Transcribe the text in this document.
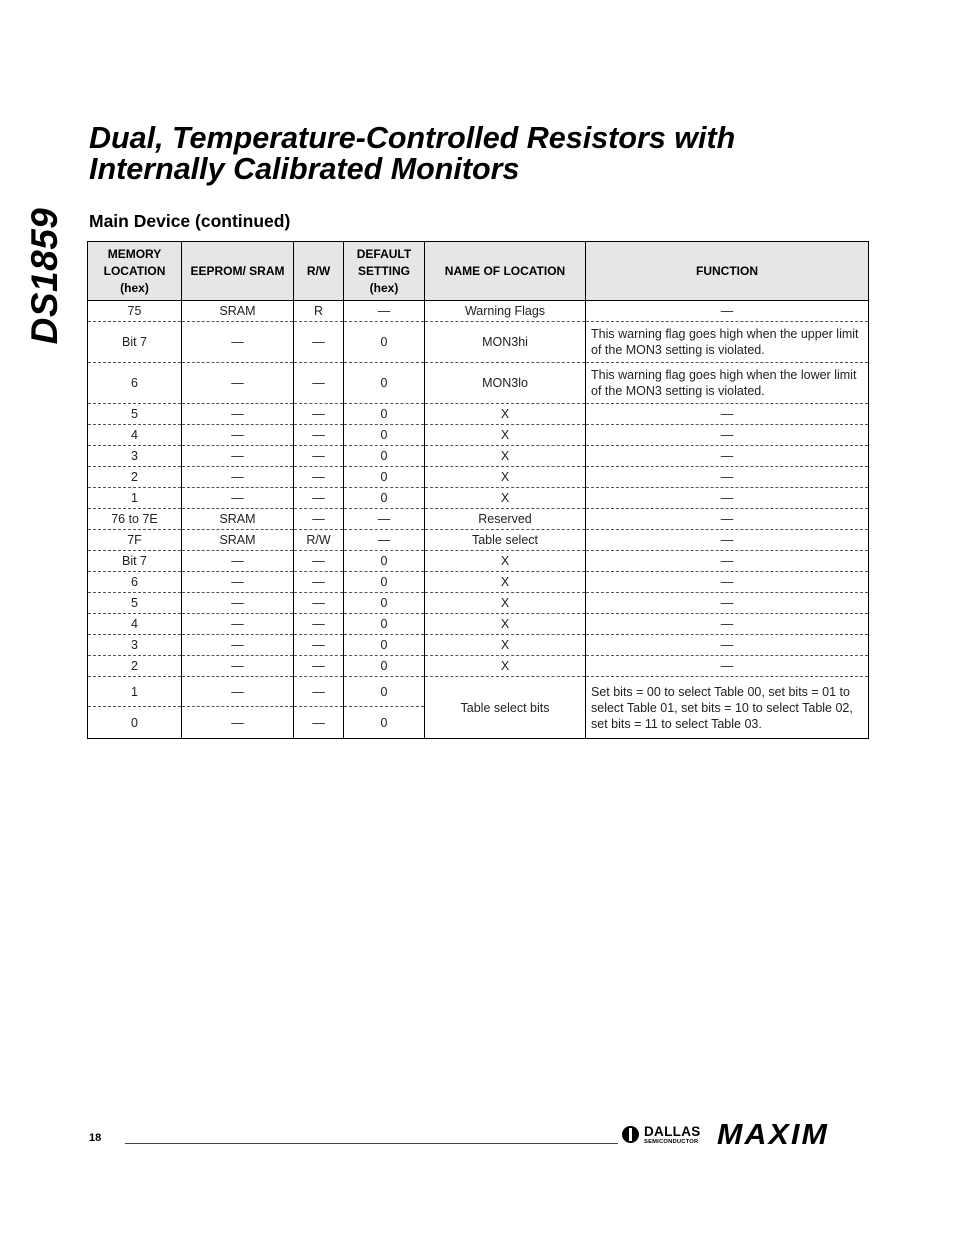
DS1859
Dual, Temperature-Controlled Resistors with
Internally Calibrated Monitors
Main Device (continued)
MEMORY LOCATION (hex)	EEPROM/ SRAM	R/W	DEFAULT SETTING (hex)	NAME OF LOCATION	FUNCTION
75	SRAM	R	—	Warning Flags	—
Bit 7	—	—	0	MON3hi	This warning flag goes high when the upper limit of the MON3 setting is violated.
6	—	—	0	MON3lo	This warning flag goes high when the lower limit of the MON3 setting is violated.
5	—	—	0	X	—
4	—	—	0	X	—
3	—	—	0	X	—
2	—	—	0	X	—
1	—	—	0	X	—
76 to 7E	SRAM	—	—	Reserved	—
7F	SRAM	R/W	—	Table select	—
Bit 7	—	—	0	X	—
6	—	—	0	X	—
5	—	—	0	X	—
4	—	—	0	X	—
3	—	—	0	X	—
2	—	—	0	X	—
1	—	—	0	Table select bits	Set bits = 00 to select Table 00, set bits = 01 to select Table 01, set bits = 10 to select Table 02, set bits = 11 to select Table 03.
0	—	—	0		
18	DALLAS
SEMICONDUCTOR MAXIM
